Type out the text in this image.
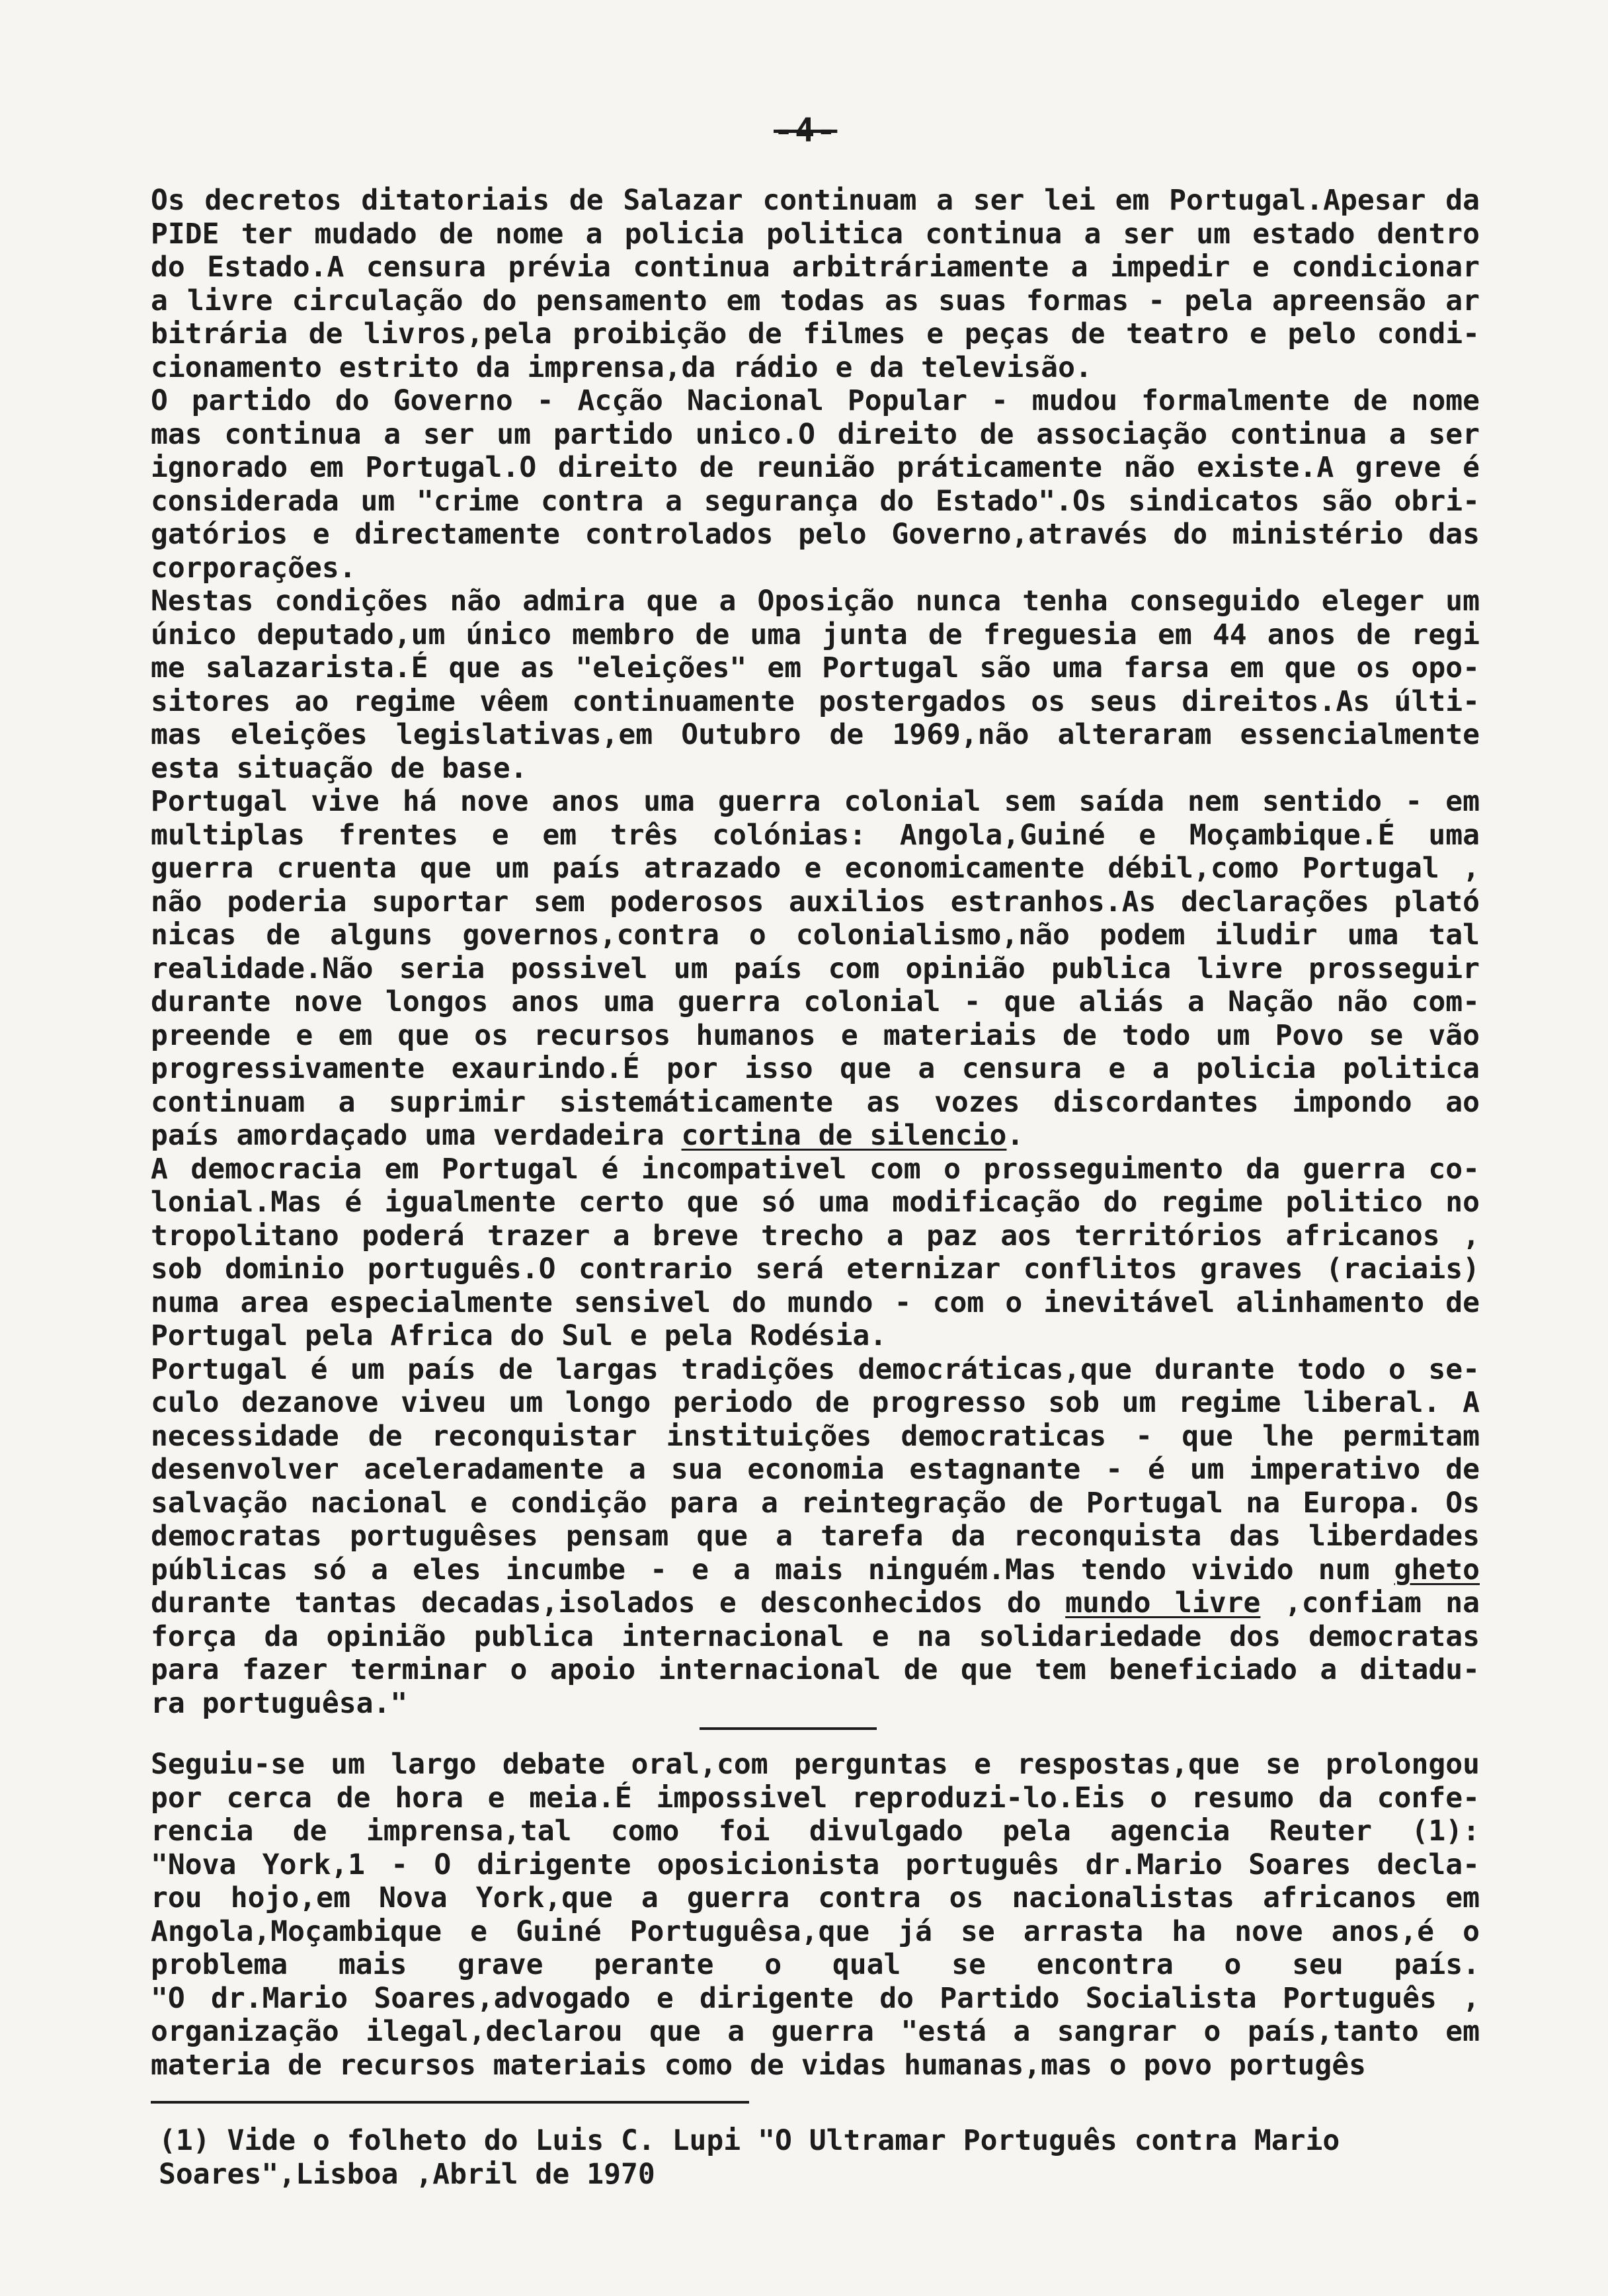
-4-
Os decretos ditatoriais de Salazar continuam a ser lei em Portugal.Apesar da
PIDE ter mudado de nome a policia politica continua a ser um estado dentro
do Estado.A censura prévia continua arbitráriamente a impedir e condicionar
a livre circulação do pensamento em todas as suas formas - pela apreensão ar
bitrária de livros,pela proibição de filmes e peças de teatro e pelo condi-
cionamento estrito da imprensa,da rádio e da televisão.
O partido do Governo - Acção Nacional Popular - mudou formalmente de nome
mas continua a ser um partido unico.O direito de associação continua a ser
ignorado em Portugal.O direito de reunião práticamente não existe.A greve é
considerada um "crime contra a segurança do Estado".Os sindicatos são obri-
gatórios e directamente controlados pelo Governo,através do ministério das
corporações.
Nestas condições não admira que a Oposição nunca tenha conseguido eleger um
único deputado,um único membro de uma junta de freguesia em 44 anos de regi
me salazarista.É que as "eleições" em Portugal são uma farsa em que os opo-
sitores ao regime vêem continuamente postergados os seus direitos.As últi-
mas eleições legislativas,em Outubro de 1969,não alteraram essencialmente
esta situação de base.
Portugal vive há nove anos uma guerra colonial sem saída nem sentido - em
multiplas frentes e em três colónias: Angola,Guiné e Moçambique.É uma
guerra cruenta que um país atrazado e economicamente débil,como Portugal ,
não poderia suportar sem poderosos auxilios estranhos.As declarações plató
nicas de alguns governos,contra o colonialismo,não podem iludir uma tal
realidade.Não seria possivel um país com opinião publica livre prosseguir
durante nove longos anos uma guerra colonial - que aliás a Nação não com-
preende e em que os recursos humanos e materiais de todo um Povo se vão
progressivamente exaurindo.É por isso que a censura e a policia politica
continuam a suprimir sistemáticamente as vozes discordantes impondo ao
país amordaçado uma verdadeira cortina de silencio.
A democracia em Portugal é incompativel com o prosseguimento da guerra co-
lonial.Mas é igualmente certo que só uma modificação do regime politico no
tropolitano poderá trazer a breve trecho a paz aos territórios africanos ,
sob dominio português.O contrario será eternizar conflitos graves (raciais)
numa area especialmente sensivel do mundo - com o inevitável alinhamento de
Portugal pela Africa do Sul e pela Rodésia.
Portugal é um país de largas tradições democráticas,que durante todo o se-
culo dezanove viveu um longo periodo de progresso sob um regime liberal. A
necessidade de reconquistar instituições democraticas - que lhe permitam
desenvolver aceleradamente a sua economia estagnante - é um imperativo de
salvação nacional e condição para a reintegração de Portugal na Europa. Os
democratas portuguêses pensam que a tarefa da reconquista das liberdades
públicas só a eles incumbe - e a mais ninguém.Mas tendo vivido num gheto
durante tantas decadas,isolados e desconhecidos do mundo livre ,confiam na
força da opinião publica internacional e na solidariedade dos democratas
para fazer terminar o apoio internacional de que tem beneficiado a ditadu-
ra portuguêsa."
Seguiu-se um largo debate oral,com perguntas e respostas,que se prolongou
por cerca de hora e meia.É impossivel reproduzi-lo.Eis o resumo da confe-
rencia de imprensa,tal como foi divulgado pela agencia Reuter (1):
"Nova York,1 - O dirigente oposicionista português dr.Mario Soares decla-
rou hojo,em Nova York,que a guerra contra os nacionalistas africanos em
Angola,Moçambique e Guiné Portuguêsa,que já se arrasta ha nove anos,é o
problema mais grave perante o qual se encontra o seu país.
"O dr.Mario Soares,advogado e dirigente do Partido Socialista Português ,
organização ilegal,declarou que a guerra "está a sangrar o país,tanto em
materia de recursos materiais como de vidas humanas,mas o povo portugês
(1) Vide o folheto do Luis C. Lupi "O Ultramar Português contra Mario
Soares",Lisboa ,Abril de 1970
